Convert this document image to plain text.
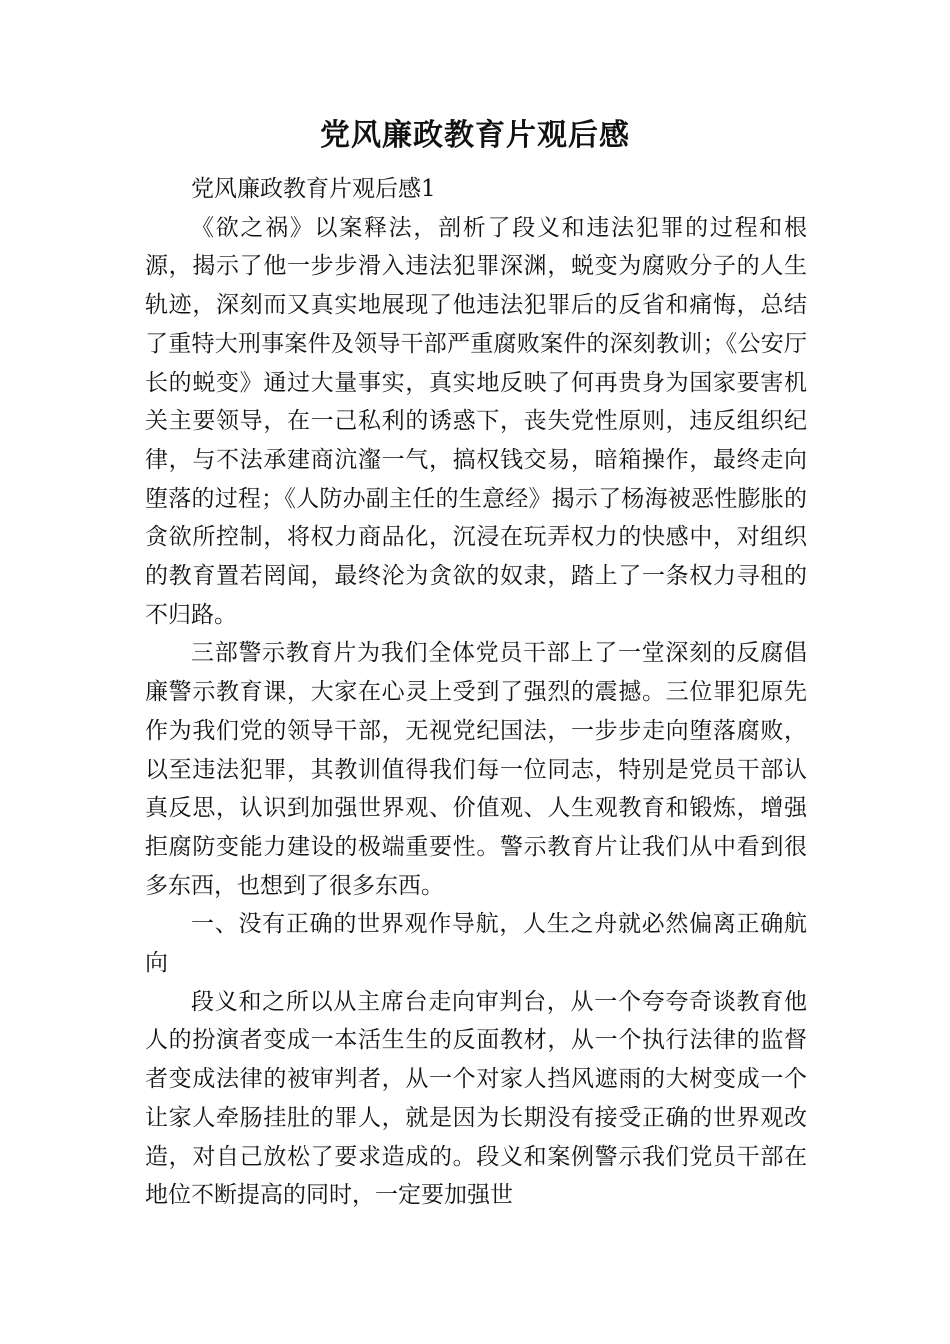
党风廉政教育片观后感

党风廉政教育片观后感1

《欲之祸》以案释法，剖析了段义和违法犯罪的过程和根源，揭示了他一步步滑入违法犯罪深渊，蜕变为腐败分子的人生轨迹，深刻而又真实地展现了他违法犯罪后的反省和痛悔，总结了重特大刑事案件及领导干部严重腐败案件的深刻教训；《公安厅长的蜕变》通过大量事实，真实地反映了何再贵身为国家要害机关主要领导，在一己私利的诱惑下，丧失党性原则，违反组织纪律，与不法承建商沆瀣一气，搞权钱交易，暗箱操作，最终走向堕落的过程；《人防办副主任的生意经》揭示了杨海被恶性膨胀的贪欲所控制，将权力商品化，沉浸在玩弄权力的快感中，对组织的教育置若罔闻，最终沦为贪欲的奴隶，踏上了一条权力寻租的不归路。

三部警示教育片为我们全体党员干部上了一堂深刻的反腐倡廉警示教育课，大家在心灵上受到了强烈的震撼。三位罪犯原先作为我们党的领导干部，无视党纪国法，一步步走向堕落腐败，以至违法犯罪，其教训值得我们每一位同志，特别是党员干部认真反思，认识到加强世界观、价值观、人生观教育和锻炼，增强拒腐防变能力建设的极端重要性。警示教育片让我们从中看到很多东西，也想到了很多东西。

一、没有正确的世界观作导航，人生之舟就必然偏离正确航向

段义和之所以从主席台走向审判台，从一个夸夸奇谈教育他人的扮演者变成一本活生生的反面教材，从一个执行法律的监督者变成法律的被审判者，从一个对家人挡风遮雨的大树变成一个让家人牵肠挂肚的罪人，就是因为长期没有接受正确的世界观改造，对自己放松了要求造成的。段义和案例警示我们党员干部在地位不断提高的同时，一定要加强世
